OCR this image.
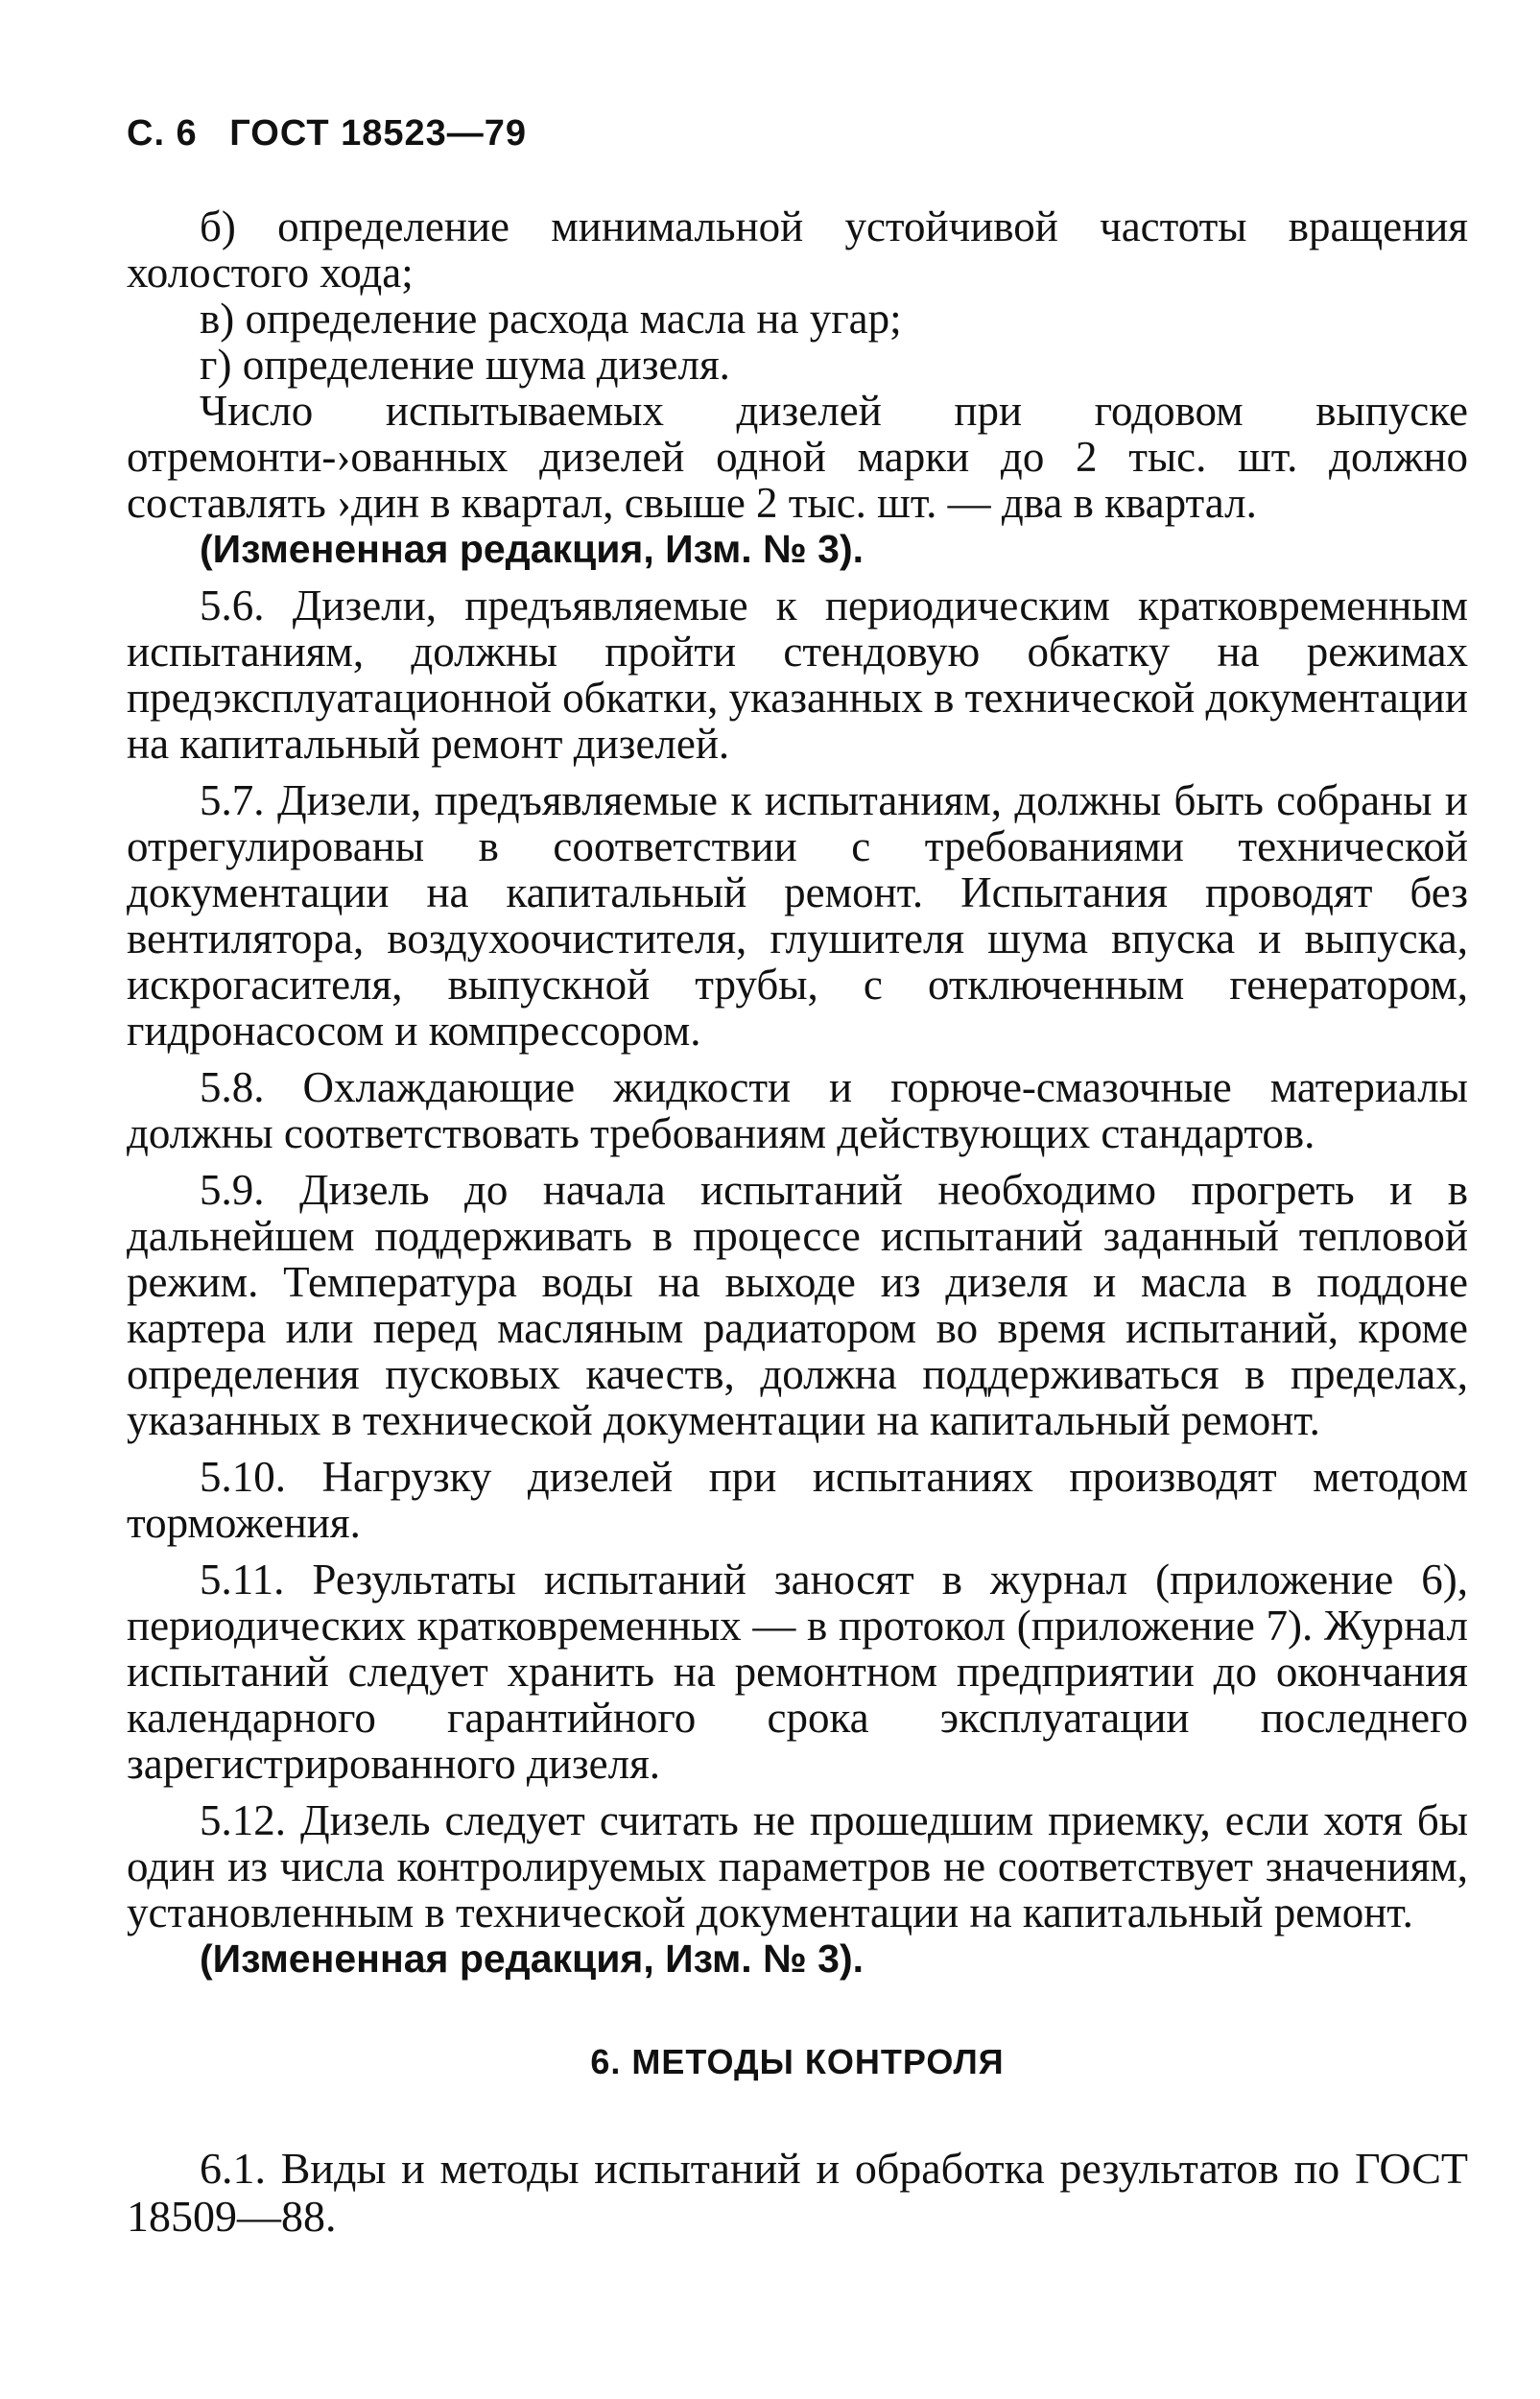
С. 6 ГОСТ 18523—79

б) определение минимальной устойчивой частоты вращения холостого хода;

в) определение расхода масла на угар;

г) определение шума дизеля.

Число испытываемых дизелей при годовом выпуске отремонти-›ованных дизелей одной марки до 2 тыс. шт. должно составлять ›дин в квартал, свыше 2 тыс. шт. — два в квартал.

(Измененная редакция, Изм. № 3).

5.6. Дизели, предъявляемые к периодическим кратковременным испытаниям, должны пройти стендовую обкатку на режимах предэксплуатационной обкатки, указанных в технической документации на капитальный ремонт дизелей.

5.7. Дизели, предъявляемые к испытаниям, должны быть собраны и отрегулированы в соответствии с требованиями технической документации на капитальный ремонт. Испытания проводят без вентилятора, воздухоочистителя, глушителя шума впуска и выпуска, искрогасителя, выпускной трубы, с отключенным генератором, гидронасосом и компрессором.

5.8. Охлаждающие жидкости и горюче-смазочные материалы должны соответствовать требованиям действующих стандартов.

5.9. Дизель до начала испытаний необходимо прогреть и в дальнейшем поддерживать в процессе испытаний заданный тепловой режим. Температура воды на выходе из дизеля и масла в поддоне картера или перед масляным радиатором во время испытаний, кроме определения пусковых качеств, должна поддерживаться в пределах, указанных в технической документации на капитальный ремонт.

5.10. Нагрузку дизелей при испытаниях производят методом торможения.

5.11. Результаты испытаний заносят в журнал (приложение 6), периодических кратковременных — в протокол (приложение 7). Журнал испытаний следует хранить на ремонтном предприятии до окончания календарного гарантийного срока эксплуатации последнего зарегистрированного дизеля.

5.12. Дизель следует считать не прошедшим приемку, если хотя бы один из числа контролируемых параметров не соответствует значениям, установленным в технической документации на капитальный ремонт.

(Измененная редакция, Изм. № 3).

6. МЕТОДЫ КОНТРОЛЯ

6.1. Виды и методы испытаний и обработка результатов по ГОСТ 18509—88.
